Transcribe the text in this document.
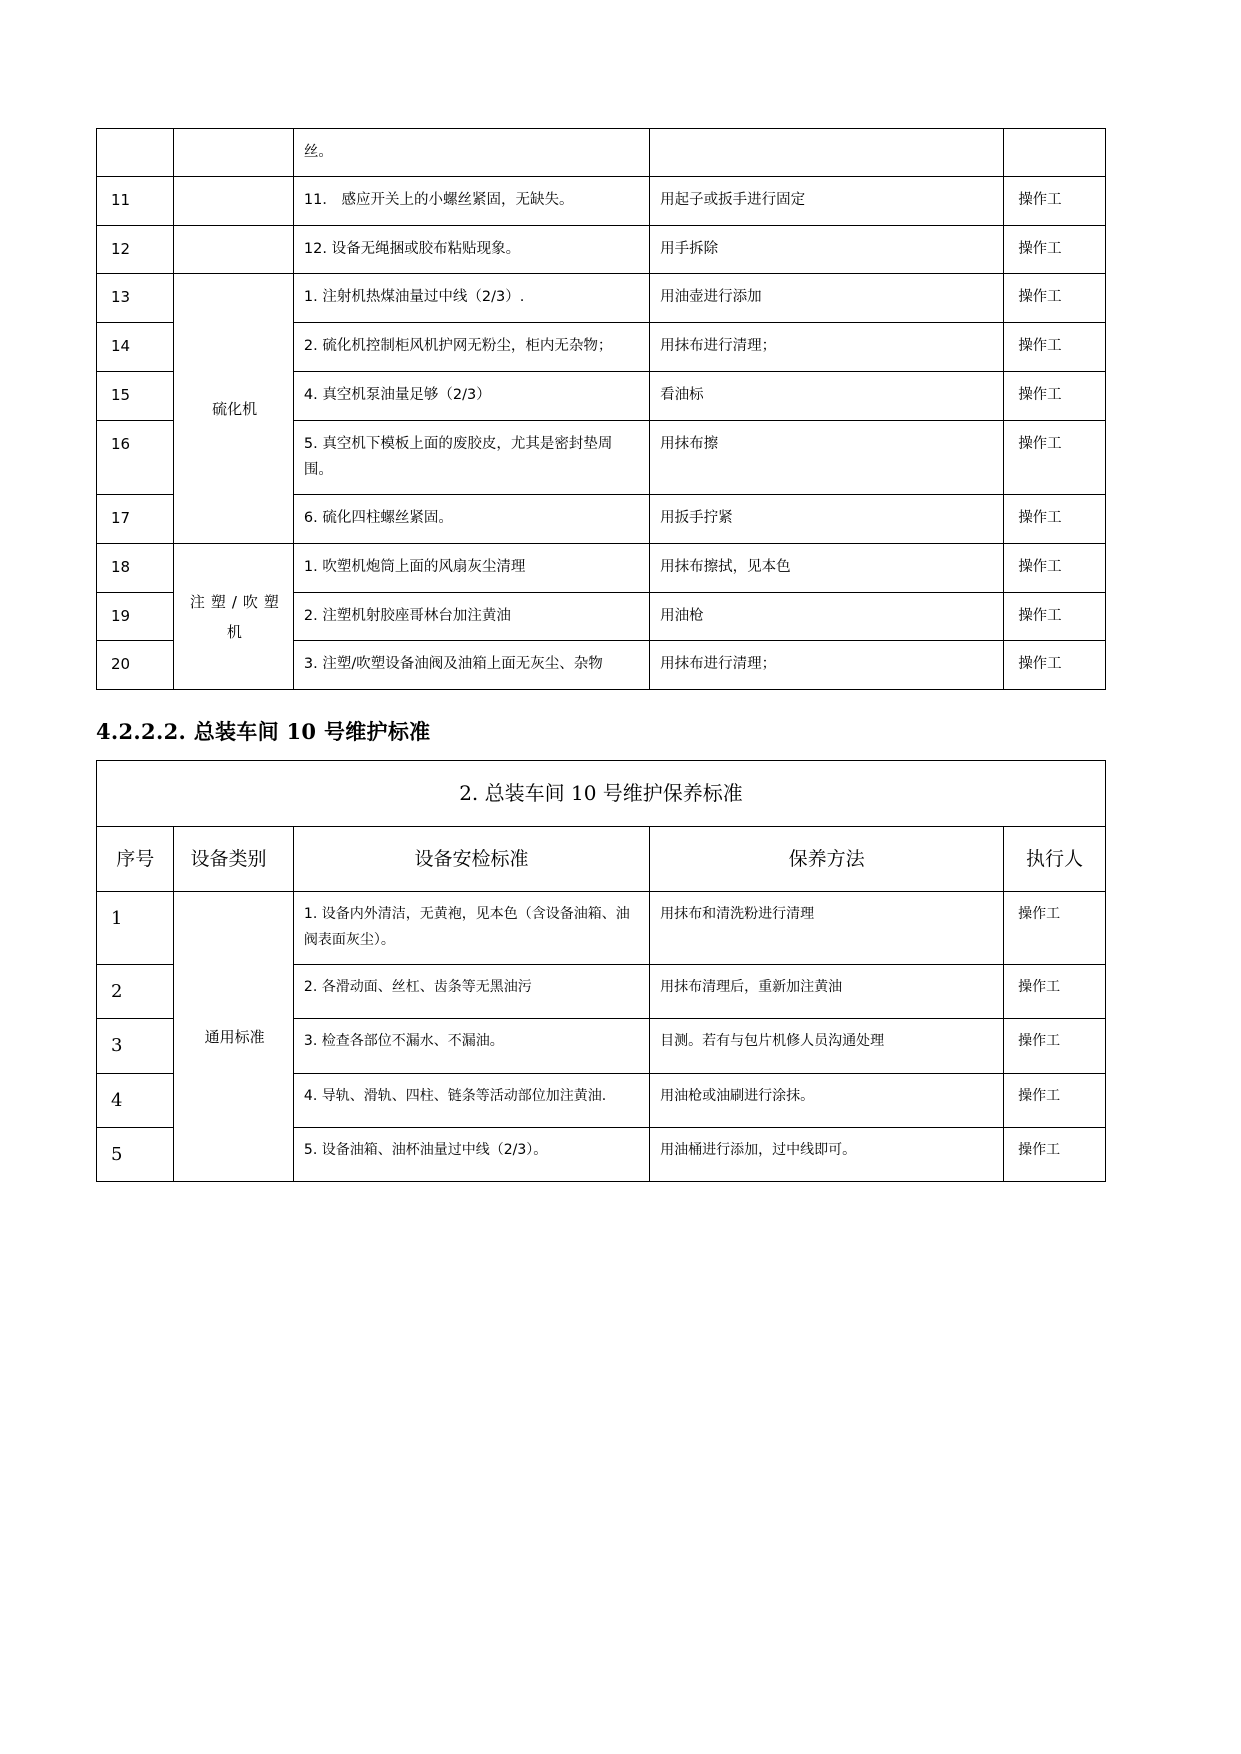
		丝。		
11		11． 感应开关上的小螺丝紧固，无缺失。	用起子或扳手进行固定	操作工
12		12. 设备无绳捆或胶布粘贴现象。	用手拆除	操作工
13	硫化机	1. 注射机热煤油量过中线（2/3）.	用油壶进行添加	操作工
14		2. 硫化机控制柜风机护网无粉尘，柜内无杂物；	用抹布进行清理；	操作工
15		4. 真空机泵油量足够（2/3）	看油标	操作工
16		5. 真空机下模板上面的废胶皮，尤其是密封垫周围。	用抹布擦	操作工
17		6. 硫化四柱螺丝紧固。	用扳手拧紧	操作工
18	注 塑 / 吹 塑机	1. 吹塑机炮筒上面的风扇灰尘清理	用抹布擦拭，见本色	操作工
19		2. 注塑机射胶座哥林台加注黄油	用油枪	操作工
20		3. 注塑/吹塑设备油阀及油箱上面无灰尘、杂物	用抹布进行清理；	操作工
4.2.2.2. 总装车间 10 号维护标准
2. 总装车间 10 号维护保养标准				
序号	设备类别	设备安检标准	保养方法	执行人
1	通用标准	1. 设备内外清洁，无黄袍，见本色（含设备油箱、油阀表面灰尘）。	用抹布和清洗粉进行清理	操作工
2		2. 各滑动面、丝杠、齿条等无黑油污	用抹布清理后，重新加注黄油	操作工
3		3. 检查各部位不漏水、不漏油。	目测。若有与包片机修人员沟通处理	操作工
4		4. 导轨、滑轨、四柱、链条等活动部位加注黄油.	用油枪或油刷进行涂抹。	操作工
5		5. 设备油箱、油杯油量过中线（2/3）。	用油桶进行添加，过中线即可。	操作工
